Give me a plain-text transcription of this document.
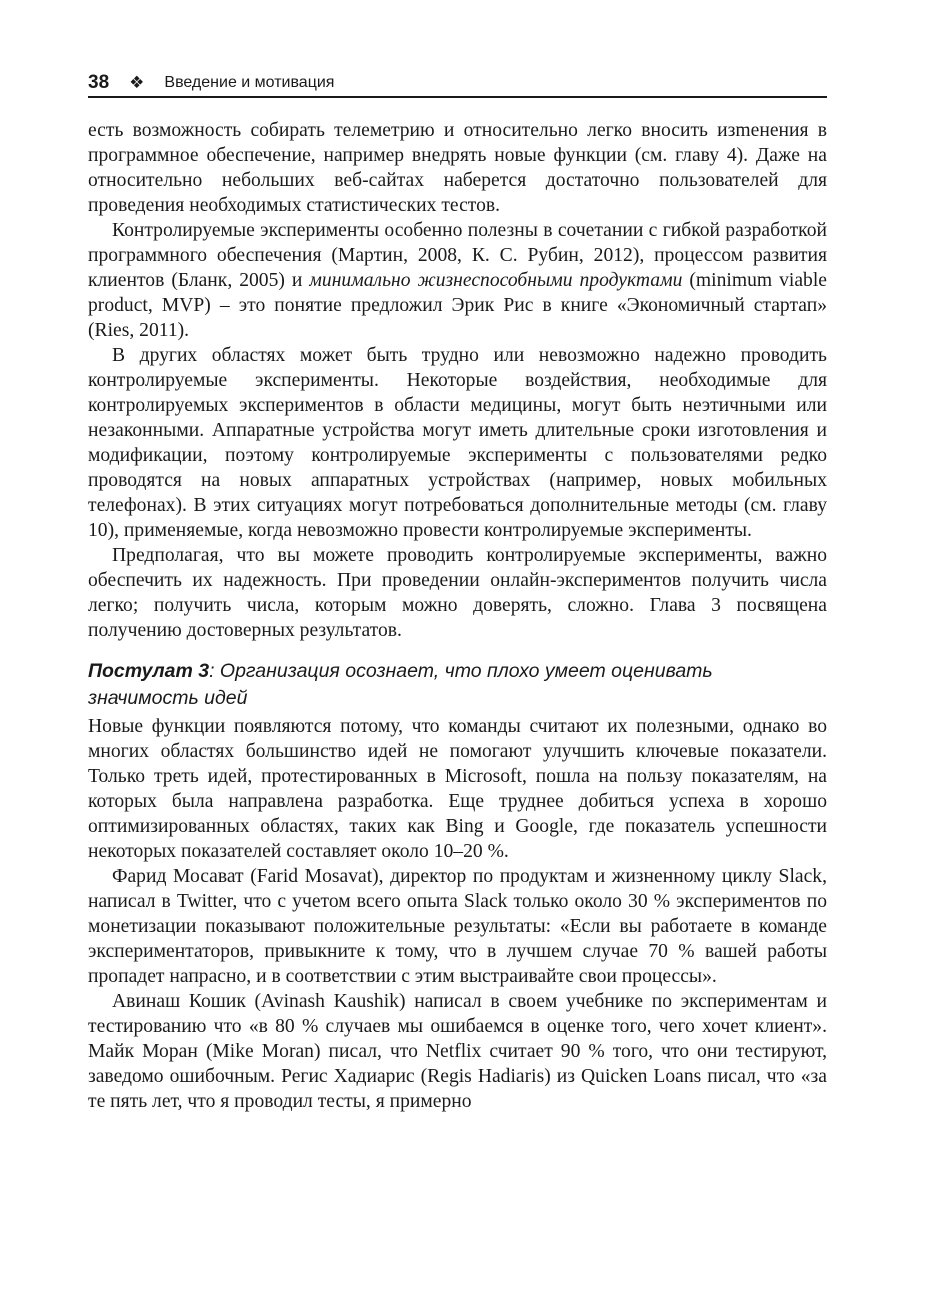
38 ❖ Введение и мотивация

есть возможность собирать телеметрию и относительно легко вносить изmенения в программное обеспечение, например внедрять новые функции (см. главу 4). Даже на относительно небольших веб-сайтах наберется достаточно пользователей для проведения необходимых статистических тестов.

Контролируемые эксперименты особенно полезны в сочетании с гибкой разработкой программного обеспечения (Мартин, 2008, К. С. Рубин, 2012), процессом развития клиентов (Бланк, 2005) и минимально жизнеспособными продуктами (minimum viable product, MVP) – это понятие предложил Эрик Рис в книге «Экономичный стартап» (Ries, 2011).

В других областях может быть трудно или невозможно надежно проводить контролируемые эксперименты. Некоторые воздействия, необходимые для контролируемых экспериментов в области медицины, могут быть неэтичными или незаконными. Аппаратные устройства могут иметь длительные сроки изготовления и модификации, поэтому контролируемые эксперименты с пользователями редко проводятся на новых аппаратных устройствах (например, новых мобильных телефонах). В этих ситуациях могут потребоваться дополнительные методы (см. главу 10), применяемые, когда невозможно провести контролируемые эксперименты.

Предполагая, что вы можете проводить контролируемые эксперименты, важно обеспечить их надежность. При проведении онлайн-экспериментов получить числа легко; получить числа, которым можно доверять, сложно. Глава 3 посвящена получению достоверных результатов.

Постулат 3: Организация осознает, что плохо умеет оценивать значимость идей

Новые функции появляются потому, что команды считают их полезными, однако во многих областях большинство идей не помогают улучшить ключевые показатели. Только треть идей, протестированных в Microsoft, пошла на пользу показателям, на которых была направлена разработка. Еще труднее добиться успеха в хорошо оптимизированных областях, таких как Bing и Google, где показатель успешности некоторых показателей составляет около 10–20 %.

Фарид Мосават (Farid Mosavat), директор по продуктам и жизненному циклу Slack, написал в Twitter, что с учетом всего опыта Slack только около 30 % экспериментов по монетизации показывают положительные результаты: «Если вы работаете в команде экспериментаторов, привыкните к тому, что в лучшем случае 70 % вашей работы пропадет напрасно, и в соответствии с этим выстраивайте свои процессы».

Авинаш Кошик (Avinash Kaushik) написал в своем учебнике по экспериментам и тестированию что «в 80 % случаев мы ошибаемся в оценке того, чего хочет клиент». Майк Моран (Mike Moran) писал, что Netflix считает 90 % того, что они тестируют, заведомо ошибочным. Регис Хадиарис (Regis Hadiaris) из Quicken Loans писал, что «за те пять лет, что я проводил тесты, я примерно
